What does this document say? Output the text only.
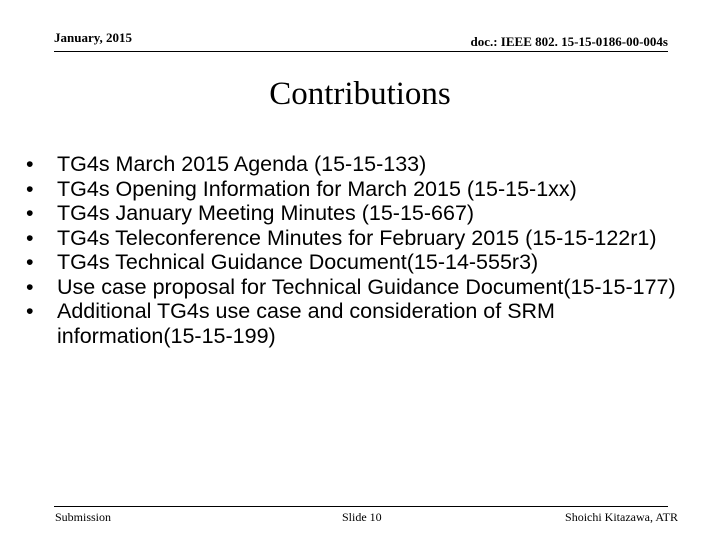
January, 2015	doc.: IEEE 802. 15-15-0186-00-004s
Contributions
• TG4s March 2015 Agenda (15-15-133)
• TG4s Opening Information for March 2015 (15-15-1xx)
• TG4s January Meeting Minutes (15-15-667)
• TG4s Teleconference Minutes for February 2015 (15-15-122r1)
• TG4s Technical Guidance Document(15-14-555r3)
• Use case proposal for Technical Guidance Document(15-15-177)
• Additional TG4s use case and consideration of SRM information(15-15-199)
Submission	Slide 10	Shoichi Kitazawa, ATR
